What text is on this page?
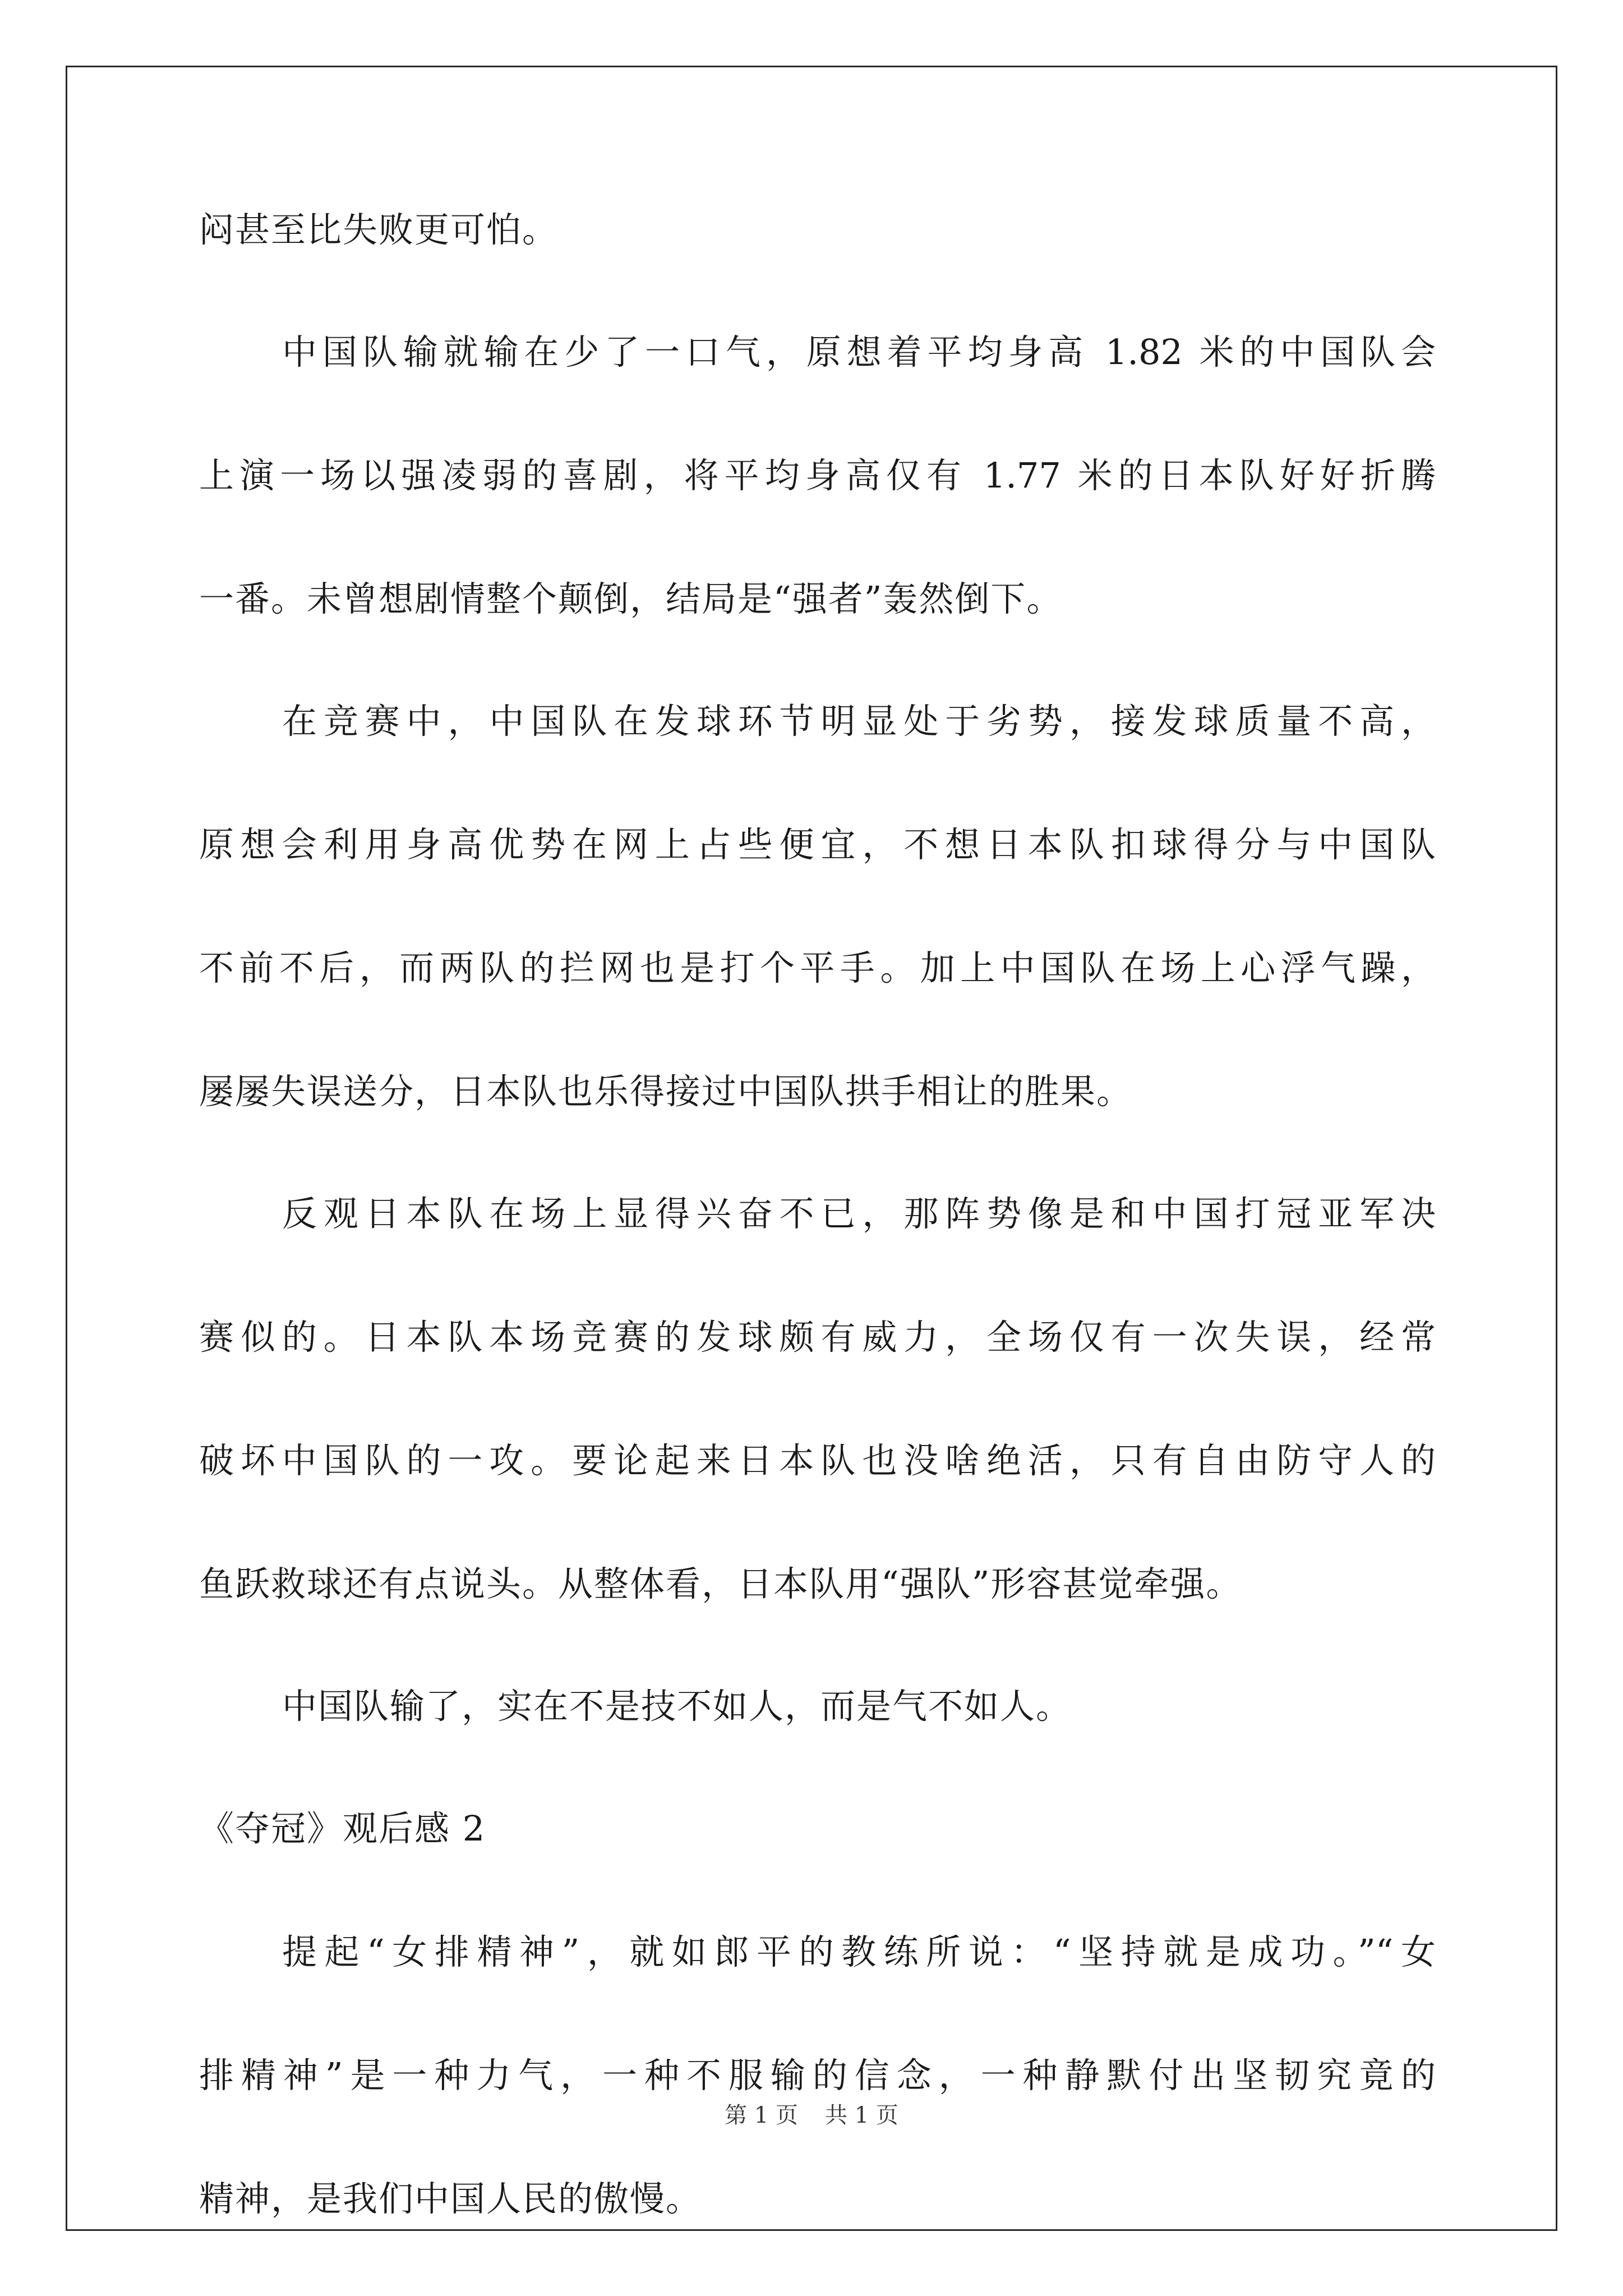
闷甚至比失败更可怕。
中国队输就输在少了一口气，原想着平均身高 1.82 米的中国队会
上演一场以强凌弱的喜剧，将平均身高仅有 1.77 米的日本队好好折腾
一番。未曾想剧情整个颠倒，结局是“强者”轰然倒下。
在竞赛中，中国队在发球环节明显处于劣势，接发球质量不高，
原想会利用身高优势在网上占些便宜，不想日本队扣球得分与中国队
不前不后，而两队的拦网也是打个平手。加上中国队在场上心浮气躁，
屡屡失误送分，日本队也乐得接过中国队拱手相让的胜果。
反观日本队在场上显得兴奋不已，那阵势像是和中国打冠亚军决
赛似的。日本队本场竞赛的发球颇有威力，全场仅有一次失误，经常
破坏中国队的一攻。要论起来日本队也没啥绝活，只有自由防守人的
鱼跃救球还有点说头。从整体看，日本队用“强队”形容甚觉牵强。
中国队输了，实在不是技不如人，而是气不如人。
《夺冠》观后感 2
提起“女排精神”，就如郎平的教练所说：“坚持就是成功。”“女
排精神”是一种力气，一种不服输的信念，一种静默付出坚韧究竟的
精神，是我们中国人民的傲慢。
第 1 页 共 1 页
